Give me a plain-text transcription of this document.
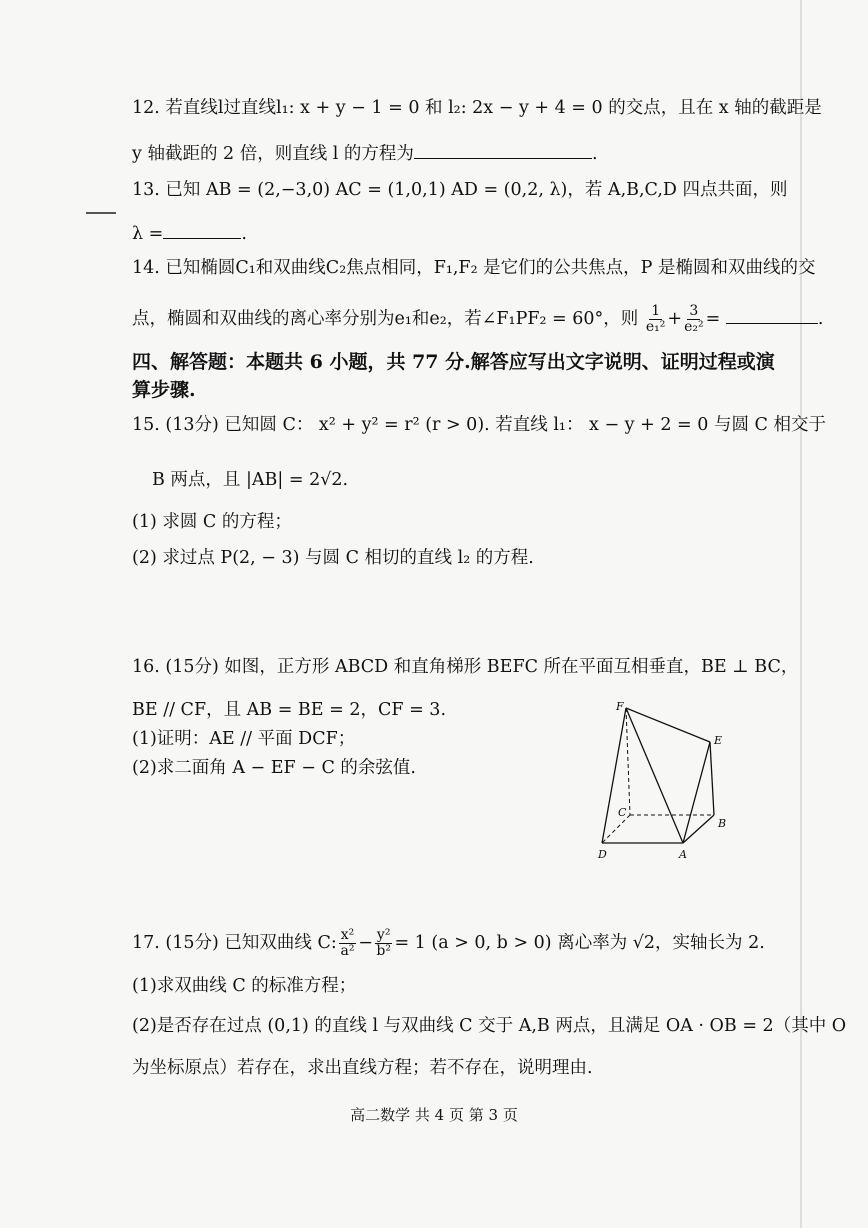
12. 若直线l过直线l₁: x + y − 1 = 0 和 l₂: 2x − y + 4 = 0 的交点，且在 x 轴的截距是
y 轴截距的 2 倍，则直线 l 的方程为	.
13. 已知 AB = (2,−3,0) AC = (1,0,1) AD = (0,2, λ)，若 A,B,C,D 四点共面，则
λ =	.
14. 已知椭圆C₁和双曲线C₂焦点相同，F₁,F₂ 是它们的公共焦点，P 是椭圆和双曲线的交
点，椭圆和双曲线的离心率分别为e₁和e₂，若∠F₁PF₂ = 60°，则 $\frac{1}{\text{e₁²}} + \frac{3}{\text{e₂²}}$ =	.
四、解答题：本题共 6 小题，共 77 分.解答应写出文字说明、证明过程或演
算步骤.
15. (13分) 已知圆 C： x² + y² = r² (r > 0). 若直线 l₁： x − y + 2 = 0 与圆 C 相交于
B 两点，且 |AB| = 2√2.
(1) 求圆 C 的方程；
(2) 求过点 P(2, − 3) 与圆 C 相切的直线 l₂ 的方程.
16. (15分) 如图，正方形 ABCD 和直角梯形 BEFC 所在平面互相垂直，BE ⊥ BC，
BE // CF，且 AB = BE = 2，CF = 3.
(1)证明：AE // 平面 DCF；
(2)求二面角 A − EF − C 的余弦值.
F
E
C
B
D	A
17. (15分) 已知双曲线 C: $\frac{\text{x²}}{\text{a²}} - \frac{\text{y²}}{\text{b²}} = 1$ (a > 0, b > 0) 离心率为 √2，实轴长为 2.
(1)求双曲线 C 的标准方程；
(2)是否存在过点 (0,1) 的直线 l 与双曲线 C 交于 A,B 两点，且满足 OA · OB = 2（其中 O
为坐标原点）若存在，求出直线方程；若不存在，说明理由.
高二数学 共 4 页 第 3 页
